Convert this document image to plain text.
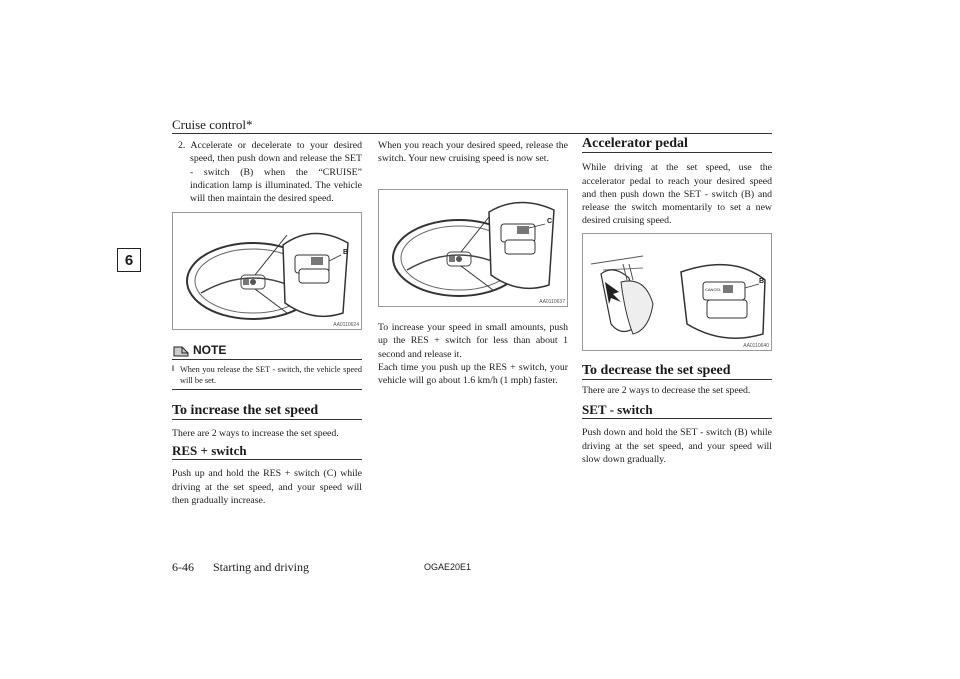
Cruise control*
6

2. Accelerate or decelerate to your desired speed, then push down and release the SET - switch (B) when the “CRUISE” indication lamp is illuminated. The vehicle will then maintain the desired speed.

B
AA0110624
NOTE
l When you release the SET - switch, the vehicle speed will be set.
To increase the set speed

There are 2 ways to increase the set speed.

RES + switch

Push up and hold the RES + switch (C) while driving at the set speed, and your speed will then gradually increase.

When you reach your desired speed, release the switch. Your new cruising speed is now set.

C
AA0110637

To increase your speed in small amounts, push up the RES + switch for less than about 1 second and release it.

Each time you push up the RES + switch, your vehicle will go about 1.6 km/h (1 mph) faster.

Accelerator pedal

While driving at the set speed, use the accelerator pedal to reach your desired speed and then push down the SET - switch (B) and release the switch momentarily to set a new desired cruising speed.

CANCEL
B
AA0110640
To decrease the set speed

There are 2 ways to decrease the set speed.

SET - switch

Push down and hold the SET - switch (B) while driving at the set speed, and your speed will slow down gradually.

6-46 Starting and driving	OGAE20E1
